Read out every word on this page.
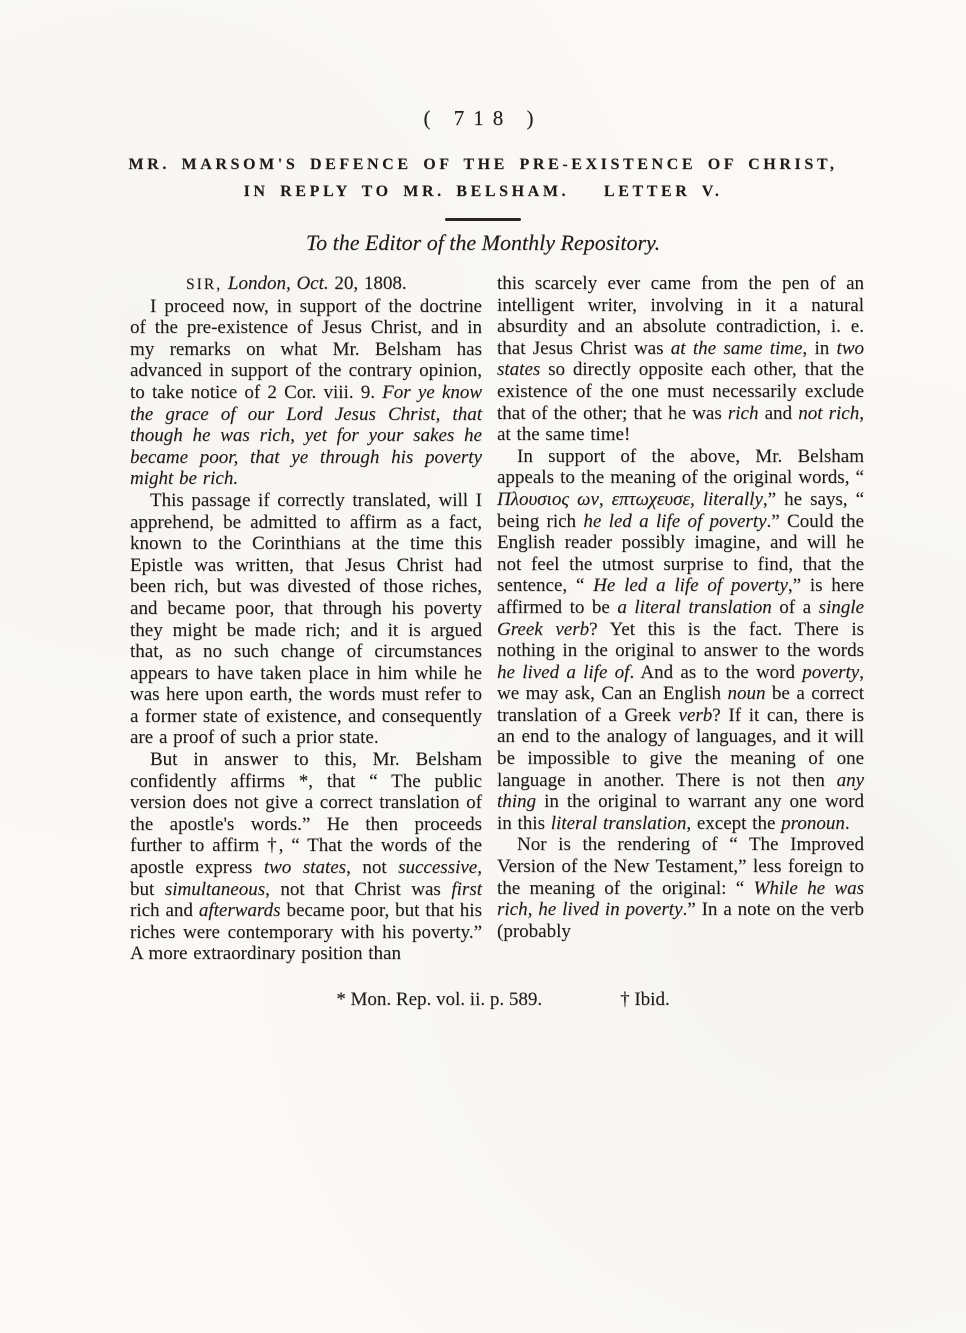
( 718 )
MR. MARSOM'S DEFENCE OF THE PRE-EXISTENCE OF CHRIST,
IN REPLY TO MR. BELSHAM.   LETTER V.
To the Editor of the Monthly Repository.

SIR, London, Oct. 20, 1808.

I proceed now, in support of the doctrine of the pre-existence of Jesus Christ, and in my remarks on what Mr. Belsham has advanced in support of the contrary opinion, to take notice of 2 Cor. viii. 9. For ye know the grace of our Lord Jesus Christ, that though he was rich, yet for your sakes he became poor, that ye through his poverty might be rich.

This passage if correctly translated, will I apprehend, be admitted to affirm as a fact, known to the Corinthians at the time this Epistle was written, that Jesus Christ had been rich, but was divested of those riches, and became poor, that through his poverty they might be made rich; and it is argued that, as no such change of circumstances appears to have taken place in him while he was here upon earth, the words must refer to a former state of existence, and consequently are a proof of such a prior state.

But in answer to this, Mr. Belsham confidently affirms *, that “ The public version does not give a correct translation of the apostle's words.” He then proceeds further to affirm †, “ That the words of the apostle express two states, not successive, but simultaneous, not that Christ was first rich and afterwards became poor, but that his riches were contemporary with his poverty.” A more extraordinary position than

this scarcely ever came from the pen of an intelligent writer, involving in it a natural absurdity and an absolute contradiction, i. e. that Jesus Christ was at the same time, in two states so directly opposite each other, that the existence of the one must necessarily exclude that of the other; that he was rich and not rich, at the same time!

In support of the above, Mr. Belsham appeals to the meaning of the original words, “ Πλουσιος ων, επτωχευσε, literally,” he says, “ being rich he led a life of poverty.” Could the English reader possibly imagine, and will he not feel the utmost surprise to find, that the sentence, “ He led a life of poverty,” is here affirmed to be a literal translation of a single Greek verb? Yet this is the fact. There is nothing in the original to answer to the words he lived a life of. And as to the word poverty, we may ask, Can an English noun be a correct translation of a Greek verb? If it can, there is an end to the analogy of languages, and it will be impossible to give the meaning of one language in another. There is not then any thing in the original to warrant any one word in this literal translation, except the pronoun.

Nor is the rendering of “ The Improved Version of the New Testament,” less foreign to the meaning of the original: “ While he was rich, he lived in poverty.” In a note on the verb (probably

* Mon. Rep. vol. ii. p. 589.	† Ibid.
